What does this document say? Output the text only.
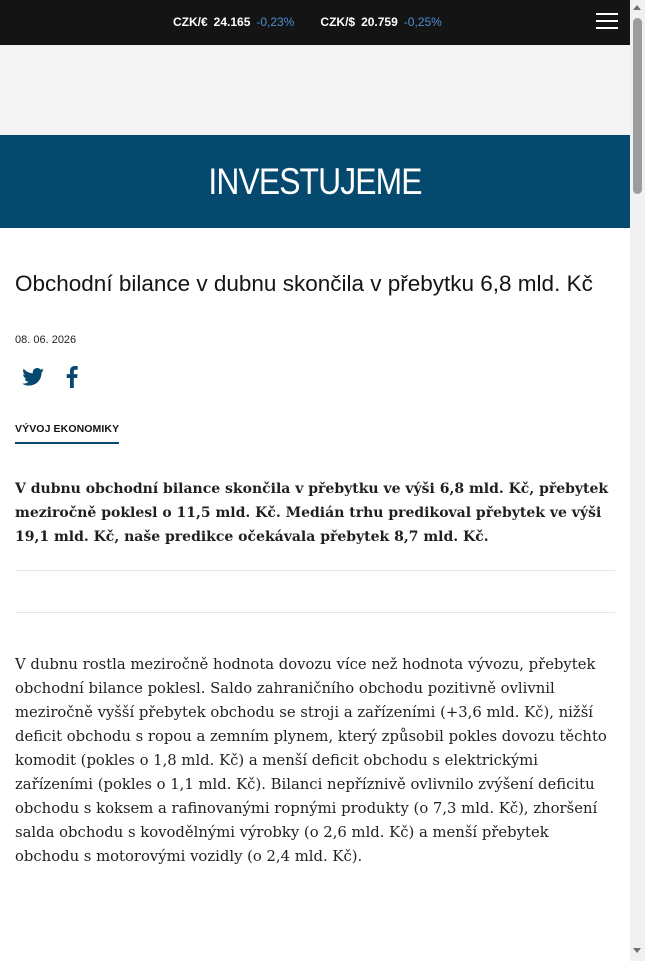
CZK/€ 24.165 -0,23% CZK/$ 20.759 -0,25%
INVESTUJEME
Obchodní bilance v dubnu skončila v přebytku 6,8 mld. Kč
08. 06. 2026
VÝVOJ EKONOMIKY

V dubnu obchodní bilance skončila v přebytku ve výši 6,8 mld. Kč, přebytek meziročně poklesl o 11,5 mld. Kč. Medián trhu predikoval přebytek ve výši 19,1 mld. Kč, naše predikce očekávala přebytek 8,7 mld. Kč.

V dubnu rostla meziročně hodnota dovozu více než hodnota vývozu, přebytek obchodní bilance poklesl. Saldo zahraničního obchodu pozitivně ovlivnil meziročně vyšší přebytek obchodu se stroji a zařízeními (+3,6 mld. Kč), nižší deficit obchodu s ropou a zemním plynem, který způsobil pokles dovozu těchto komodit (pokles o 1,8 mld. Kč) a menší deficit obchodu s elektrickými zařízeními (pokles o 1,1 mld. Kč). Bilanci nepříznivě ovlivnilo zvýšení deficitu obchodu s koksem a rafinovanými ropnými produkty (o 7,3 mld. Kč), zhoršení salda obchodu s kovodělnými výrobky (o 2,6 mld. Kč) a menší přebytek obchodu s motorovými vozidly (o 2,4 mld. Kč).
